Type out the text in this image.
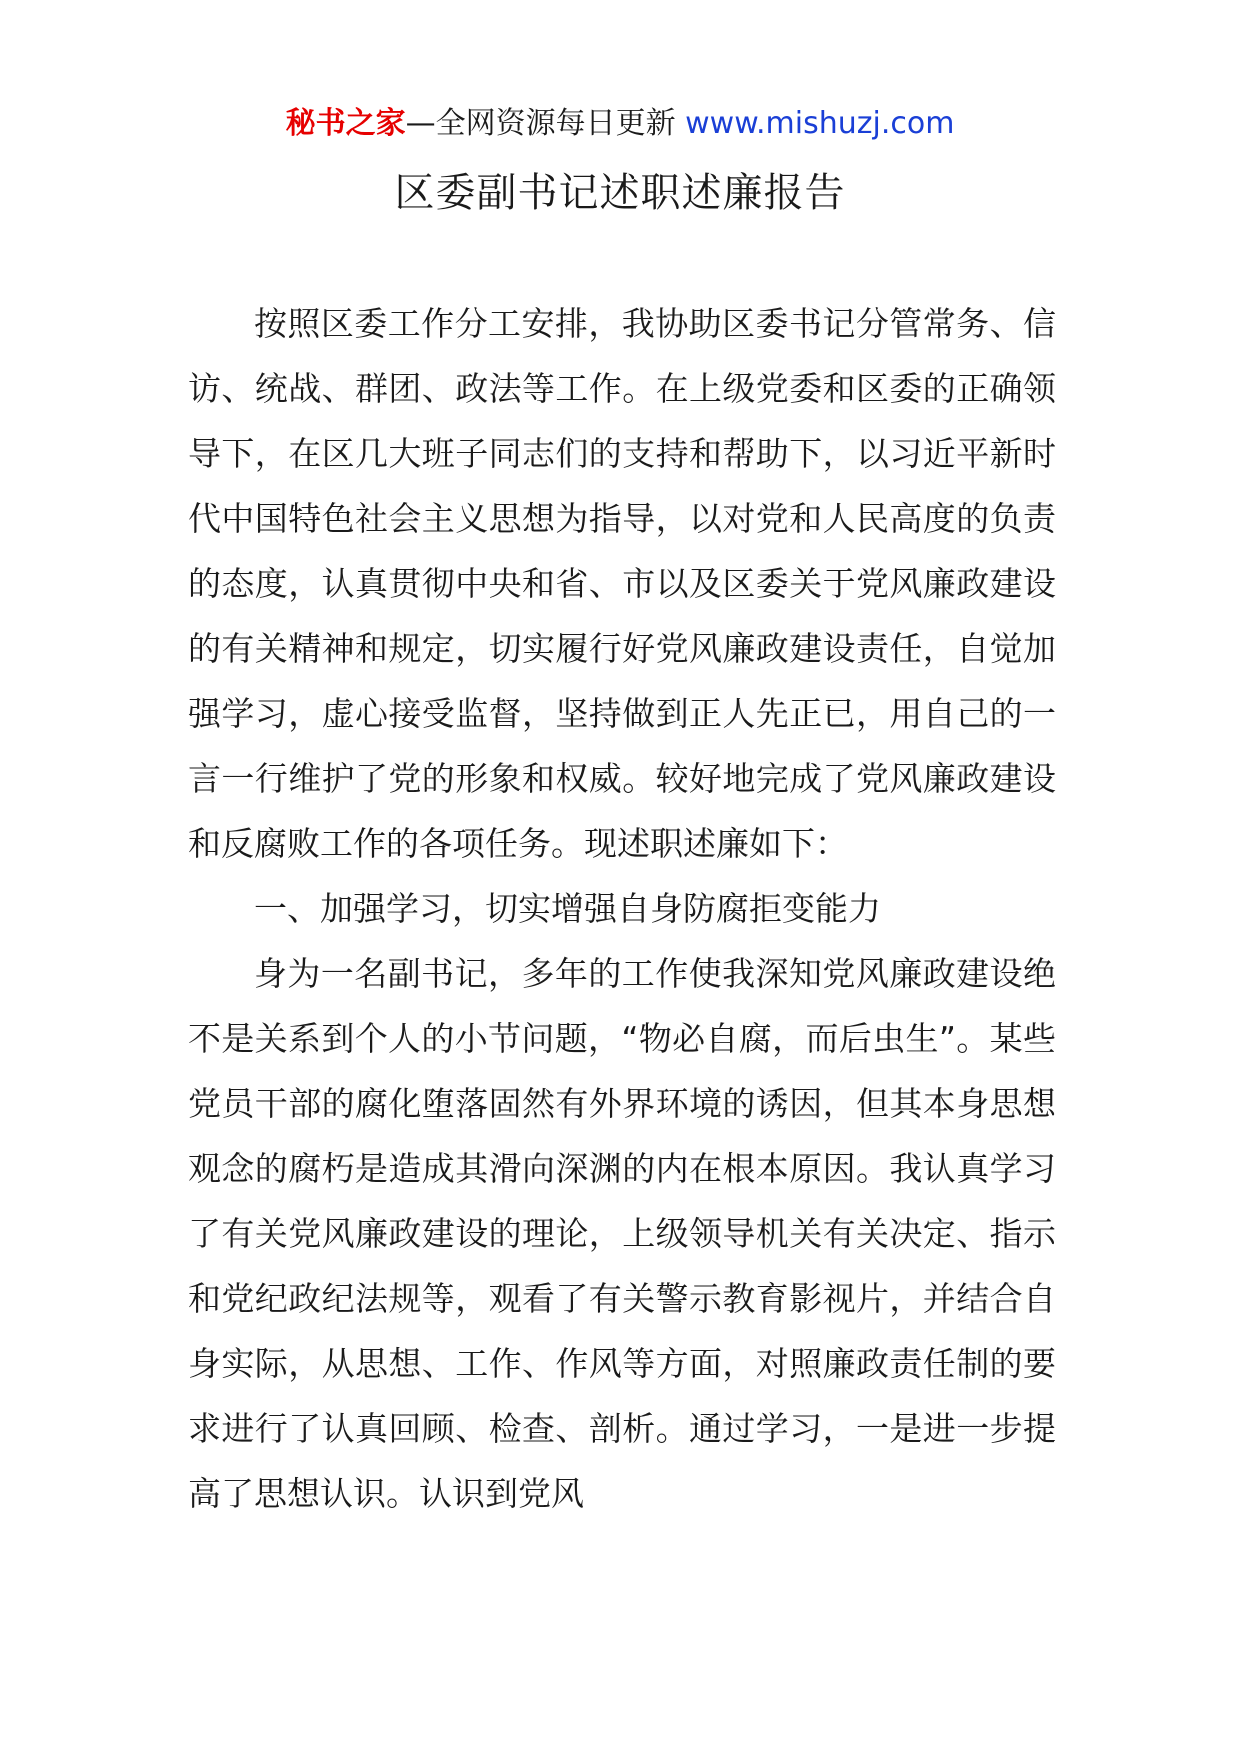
秘书之家—全网资源每日更新 www.mishuzj.com
区委副书记述职述廉报告

按照区委工作分工安排，我协助区委书记分管常务、信访、统战、群团、政法等工作。在上级党委和区委的正确领导下，在区几大班子同志们的支持和帮助下，以习近平新时代中国特色社会主义思想为指导，以对党和人民高度的负责的态度，认真贯彻中央和省、市以及区委关于党风廉政建设的有关精神和规定，切实履行好党风廉政建设责任，自觉加强学习，虚心接受监督，坚持做到正人先正已，用自己的一言一行维护了党的形象和权威。较好地完成了党风廉政建设和反腐败工作的各项任务。现述职述廉如下：

一、加强学习，切实增强自身防腐拒变能力

身为一名副书记，多年的工作使我深知党风廉政建设绝不是关系到个人的小节问题，“物必自腐，而后虫生”。某些党员干部的腐化堕落固然有外界环境的诱因，但其本身思想观念的腐朽是造成其滑向深渊的内在根本原因。我认真学习了有关党风廉政建设的理论，上级领导机关有关决定、指示和党纪政纪法规等，观看了有关警示教育影视片，并结合自身实际，从思想、工作、作风等方面，对照廉政责任制的要求进行了认真回顾、检查、剖析。通过学习，一是进一步提高了思想认识。认识到党风
